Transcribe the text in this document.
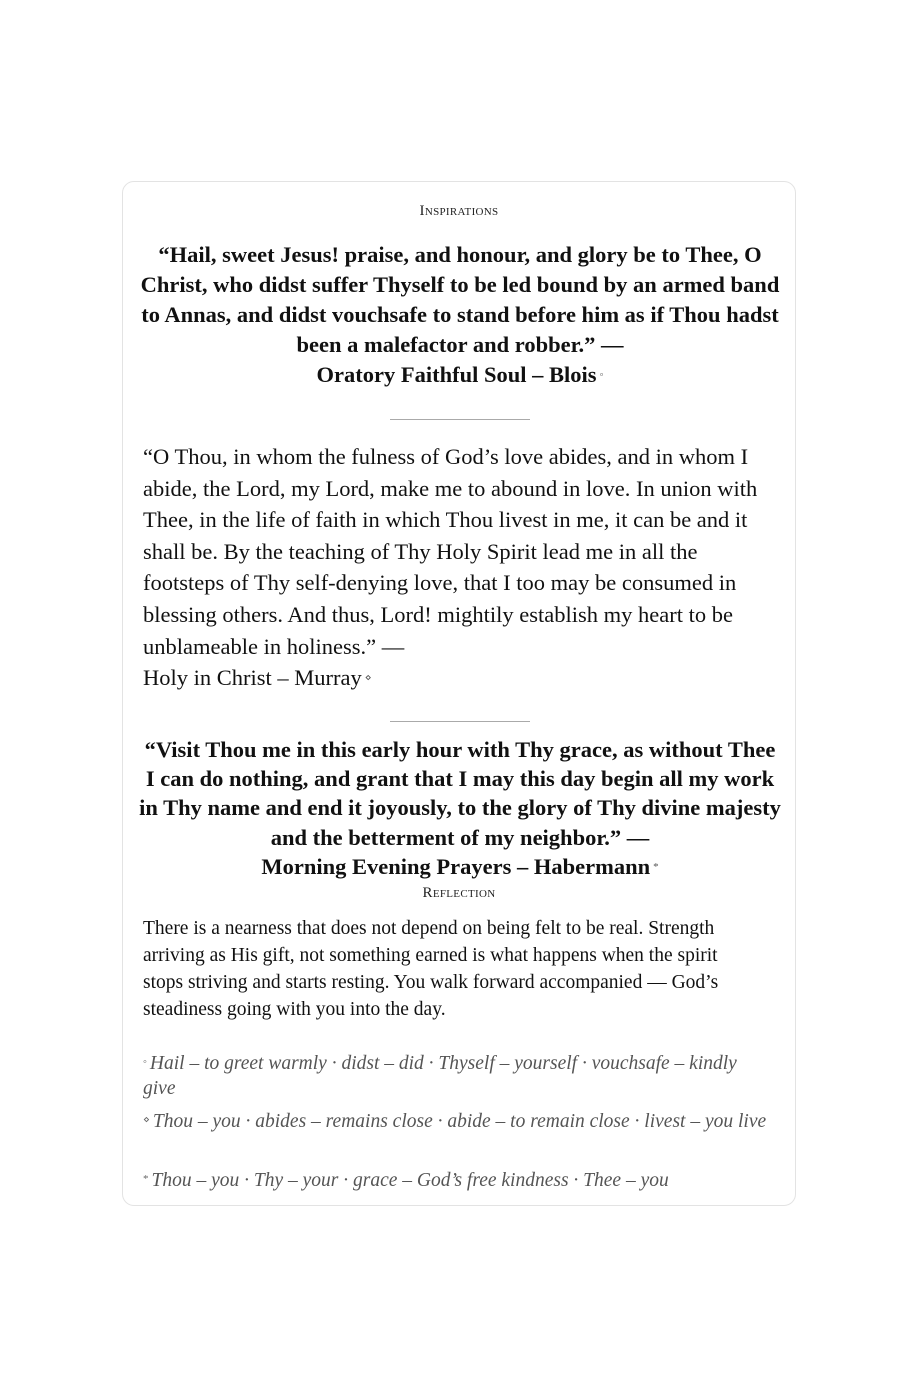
Inspirations
“Hail, sweet Jesus! praise, and honour, and glory be to Thee, O Christ, who didst suffer Thyself to be led bound by an armed band to Annas, and didst vouchsafe to stand before him as if Thou hadst been a malefactor and robber.” —
Oratory Faithful Soul – Blois ◦
“O Thou, in whom the fulness of God’s love abides, and in whom I abide, the Lord, my Lord, make me to abound in love. In union with Thee, in the life of faith in which Thou livest in me, it can be and it shall be. By the teaching of Thy Holy Spirit lead me in all the footsteps of Thy self-denying love, that I too may be consumed in blessing others. And thus, Lord! mightily establish my heart to be unblameable in holiness.” —
Holy in Christ – Murray ⋄
“Visit Thou me in this early hour with Thy grace, as without Thee I can do nothing, and grant that I may this day begin all my work in Thy name and end it joyously, to the glory of Thy divine majesty and the betterment of my neighbor.” —
Morning Evening Prayers – Habermann *
Reflection
There is a nearness that does not depend on being felt to be real. Strength arriving as His gift, not something earned is what happens when the spirit stops striving and starts resting. You walk forward accompanied — God’s steadiness going with you into the day.
◦ Hail – to greet warmly · didst – did · Thyself – yourself · vouchsafe – kindly give
⋄ Thou – you · abides – remains close · abide – to remain close · livest – you live
* Thou – you · Thy – your · grace – God’s free kindness · Thee – you
